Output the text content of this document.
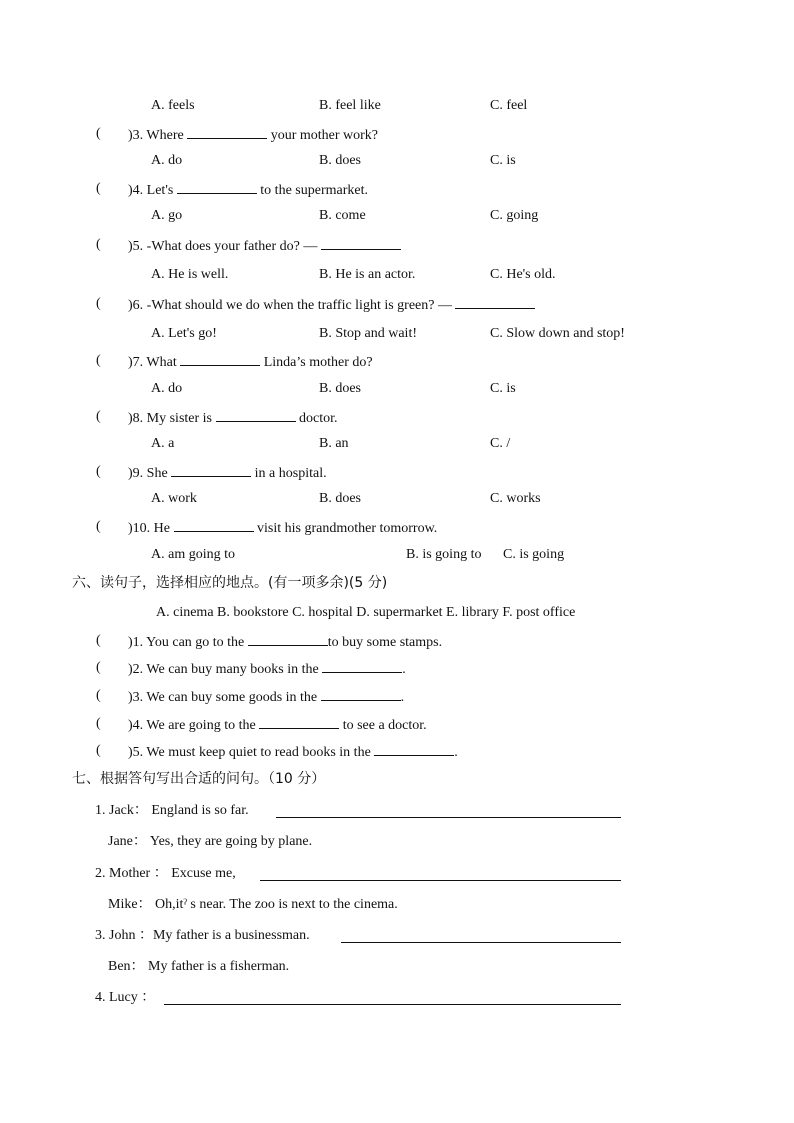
A. feels	B. feel like	C. feel
( )3. Where	your mother work?
A. do	B. does	C. is
( )4. Let's	to the supermarket.
A. go	B. come	C. going
( )5. -What does your father do? —
A. He is well.	B. He is an actor.	C. He's old.
( )6. -What should we do when the traffic light is green? —
A. Let's go!	B. Stop and wait!	C. Slow down and stop!
( )7. What	Linda’s mother do?
A. do	B. does	C. is
( )8. My sister is	doctor.
A. a	B. an	C. /
( )9. She	in a hospital.
A. work	B. does	C. works
( )10. He	visit his grandmother tomorrow.
A. am going to	B. is going to C. is going
六、读句子，选择相应的地点。(有一项多余)(5 分)
A. cinema B. bookstore C. hospital D. supermarket E. library F. post office
( )1. You can go to the	to buy some stamps.
( )2. We can buy many books in the	.
( )3. We can buy some goods in the	.
( )4. We are going to the	to see a doctor.
( )5. We must keep quiet to read books in the	.
七、根据答句写出合适的问句。（10 分）
1. Jack： England is so far.
Jane： Yes, they are going by plane.
2. Mother ： Excuse me,
Mike： Oh,itˀ s near. The zoo is next to the cinema.
3. John ：My father is a businessman.
Ben： My father is a fisherman.
4. Lucy ：
